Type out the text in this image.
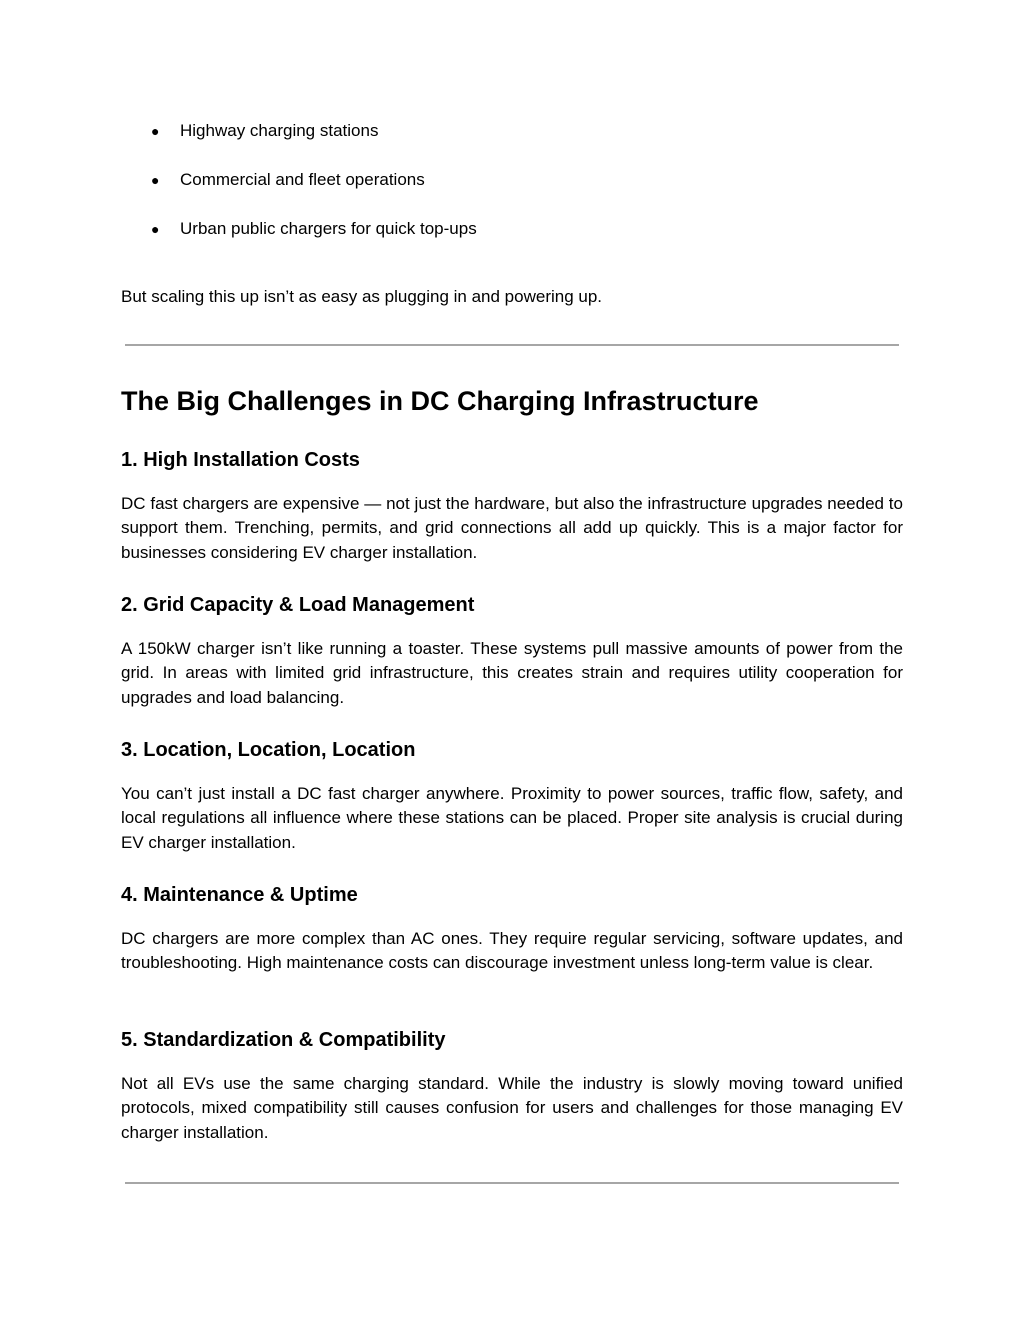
● Highway charging stations
● Commercial and fleet operations
● Urban public chargers for quick top-ups

But scaling this up isn’t as easy as plugging in and powering up.

The Big Challenges in DC Charging Infrastructure
1. High Installation Costs

DC fast chargers are expensive — not just the hardware, but also the infrastructure upgrades needed to support them. Trenching, permits, and grid connections all add up quickly. This is a major factor for businesses considering EV charger installation.

2. Grid Capacity & Load Management

A 150kW charger isn’t like running a toaster. These systems pull massive amounts of power from the grid. In areas with limited grid infrastructure, this creates strain and requires utility cooperation for upgrades and load balancing.

3. Location, Location, Location

You can’t just install a DC fast charger anywhere. Proximity to power sources, traffic flow, safety, and local regulations all influence where these stations can be placed. Proper site analysis is crucial during EV charger installation.

4. Maintenance & Uptime

DC chargers are more complex than AC ones. They require regular servicing, software updates, and troubleshooting. High maintenance costs can discourage investment unless long-term value is clear.

5. Standardization & Compatibility

Not all EVs use the same charging standard. While the industry is slowly moving toward unified protocols, mixed compatibility still causes confusion for users and challenges for those managing EV charger installation.
